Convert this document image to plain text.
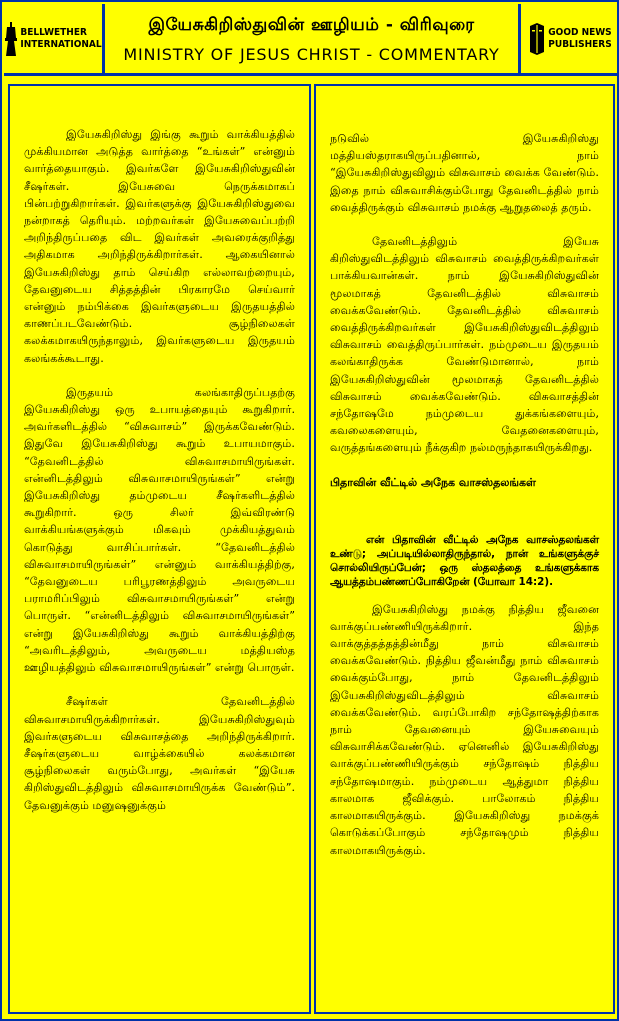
BELLWETHER
INTERNATIONAL
இயேசுகிறிஸ்துவின் ஊழியம் - விரிவுரை
MINISTRY OF JESUS CHRIST - COMMENTARY
GOOD NEWS
PUBLISHERS

இயேசுகிறிஸ்து இங்கு கூறும் வாக்கியத்தில் முக்கியமான அடுத்த வார்த்தை “உங்கள்” என்னும் வார்த்தையாகும். இவர்களே இயேசுகிறிஸ்துவின் சீஷர்கள். இயேசுவை நெருக்கமாகப் பின்பற்றுகிறார்கள். இவர்களுக்கு இயேசுகிறிஸ்துவை நன்றாகத் தெரியும். மற்றவர்கள் இயேசுவைப்பற்றி அறிந்திருப்பதை விட இவர்கள் அவரைக்குறித்து அதிகமாக அறிந்திருக்கிறார்கள். ஆகையினால் இயேசுகிறிஸ்து தாம் செய்கிற எல்லாவற்றையும், தேவனுடைய சித்தத்தின் பிரகாரமே செய்வார் என்னும் நம்பிக்கை இவர்களுடைய இருதயத்தில் காணப்படவேண்டும். சூழ்நிலைகள் கலக்கமாகயிருந்தாலும், இவர்களுடைய இருதயம் கலங்கக்கூடாது.

இருதயம் கலங்காதிருப்பதற்கு இயேசுகிறிஸ்து ஒரு உபாயத்தையும் கூறுகிறார். அவர்களிடத்தில் “விசுவாசம்” இருக்கவேண்டும். இதுவே இயேசுகிறிஸ்து கூறும் உபாயமாகும். “தேவனிடத்தில் விசுவாசமாயிருங்கள். என்னிடத்திலும் விசுவாசமாயிருங்கள்” என்று இயேசுகிறிஸ்து தம்முடைய சீஷர்களிடத்தில் கூறுகிறார். ஒரு சிலர் இவ்விரண்டு வாக்கியங்களுக்கும் மிகவும் முக்கியத்துவம் கொடுத்து வாசிப்பார்கள். “தேவனிடத்தில் விசுவாசமாயிருங்கள்” என்னும் வாக்கியத்திற்கு, “தேவனுடைய பரிபூரணத்திலும் அவருடைய பராமரிப்பிலும் விசுவாசமாயிருங்கள்” என்று பொருள். “என்னிடத்திலும் விசுவாசமாயிருங்கள்” என்று இயேசுகிறிஸ்து கூறும் வாக்கியத்திற்கு “அவரிடத்திலும், அவருடைய மத்தியஸ்த ஊழியத்திலும் விசுவாசமாயிருங்கள்” என்று பொருள்.

சீஷர்கள் தேவனிடத்தில் விசுவாசமாயிருக்கிறார்கள். இயேசுகிறிஸ்துவும் இவர்களுடைய விசுவாசத்தை அறிந்திருக்கிறார். சீஷர்களுடைய வாழ்க்கையில் கலக்கமான சூழ்நிலைகள் வரும்போது, அவர்கள் “இயேசு கிறிஸ்துவிடத்திலும் விசுவாசமாயிருக்க வேண்டும்”. தேவனுக்கும் மனுஷனுக்கும்

நடுவில் இயேசுகிறிஸ்து மத்தியஸ்தராகயிருப்பதினால், நாம் “இயேசுகிறிஸ்துவிலும் விசுவாசம் வைக்க வேண்டும். இதை நாம் விசுவாசிக்கும்போது தேவனிடத்தில் நாம் வைத்திருக்கும் விசுவாசம் நமக்கு ஆறுதலைத் தரும்.

தேவனிடத்திலும் இயேசு கிறிஸ்துவிடத்திலும் விசுவாசம் வைத்திருக்கிறவர்கள் பாக்கியவான்கள். நாம் இயேசுகிறிஸ்துவின் மூலமாகத் தேவனிடத்தில் விசுவாசம் வைக்கவேண்டும். தேவனிடத்தில் விசுவாசம் வைத்திருக்கிறவர்கள் இயேசுகிறிஸ்துவிடத்திலும் விசுவாசம் வைத்திருப்பார்கள். நம்முடைய இருதயம் கலங்காதிருக்க வேண்டுமானால், நாம் இயேசுகிறிஸ்துவின் மூலமாகத் தேவனிடத்தில் விசுவாசம் வைக்கவேண்டும். விசுவாசத்தின் சந்தோஷமே நம்முடைய துக்கங்களையும், கவலைகளையும், வேதனைகளையும், வருத்தங்களையும் நீக்குகிற நல்மருந்தாகயிருக்கிறது.

பிதாவின் வீட்டில் அநேக வாசஸ்தலங்கள்

என் பிதாவின் வீட்டில் அநேக வாசஸ்தலங்கள் உண்டு; அப்படியில்லாதிருந்தால், நான் உங்களுக்குச் சொல்லியிருப்பேன்; ஒரு ஸ்தலத்தை உங்களுக்காக ஆயத்தம்பண்ணப்போகிறேன் (யோவா 14:2).

இயேசுகிறிஸ்து நமக்கு நித்திய ஜீவனை வாக்குப்பண்ணியிருக்கிறார். இந்த வாக்குத்தத்தத்தின்மீது நாம் விசுவாசம் வைக்கவேண்டும். நித்திய ஜீவன்மீது நாம் விசுவாசம் வைக்கும்போது, நாம் தேவனிடத்திலும் இயேசுகிறிஸ்துவிடத்திலும் விசுவாசம் வைக்கவேண்டும். வரப்போகிற சந்தோஷத்திற்காக நாம் தேவனையும் இயேசுவையும் விசுவாசிக்கவேண்டும். ஏனெனில் இயேசுகிறிஸ்து வாக்குப்பண்ணியிருக்கும் சந்தோஷம் நித்திய சந்தோஷமாகும். நம்முடைய ஆத்துமா நித்திய காலமாக ஜீவிக்கும். பாலோகம் நித்திய காலமாகயிருக்கும். இயேசுகிறிஸ்து நமக்குக் கொடுக்கப்போகும் சந்தோஷமும் நித்திய காலமாகயிருக்கும்.
